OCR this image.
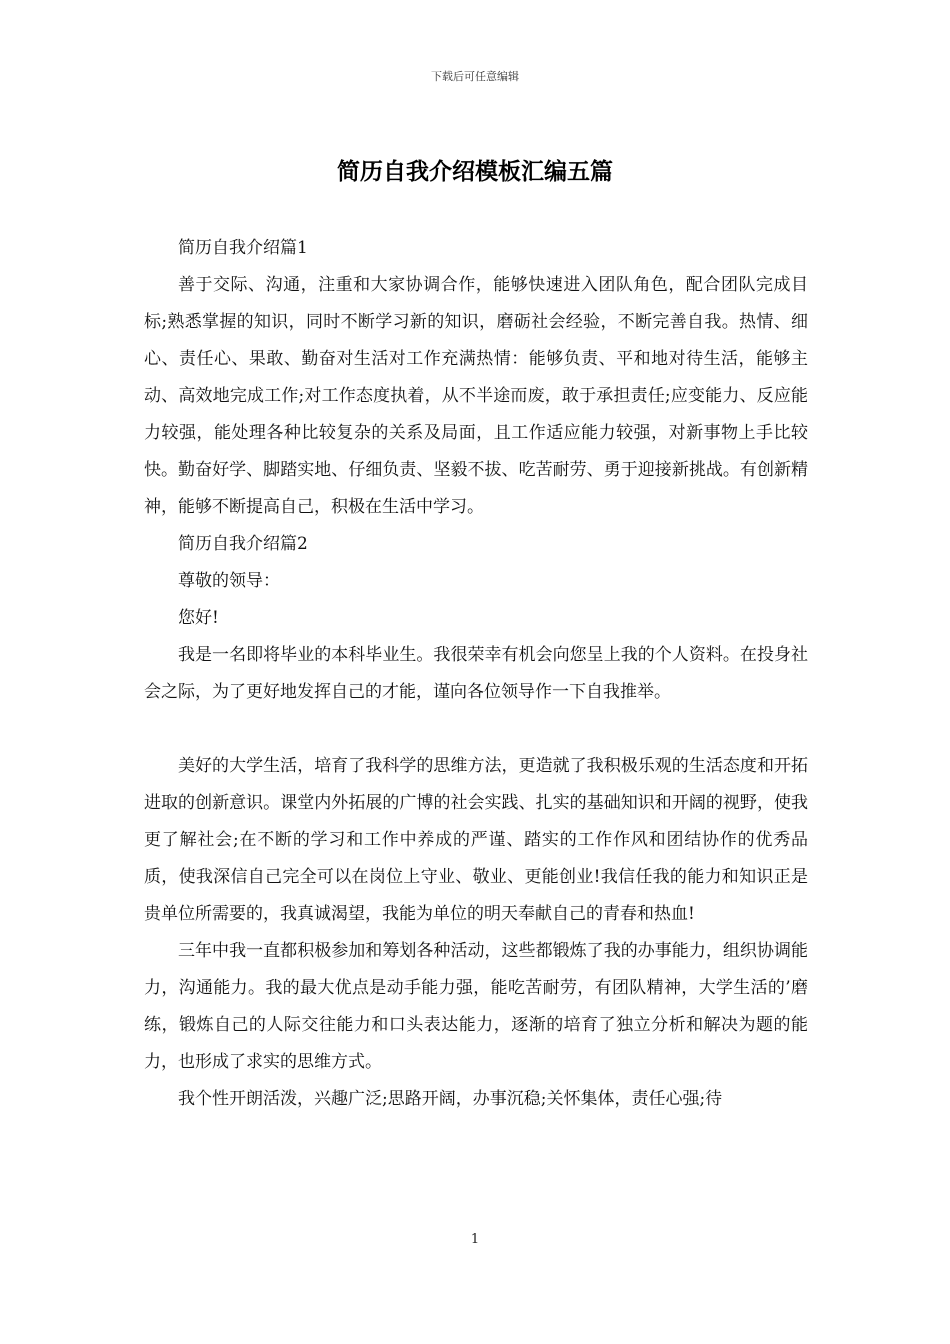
下载后可任意编辑
简历自我介绍模板汇编五篇

简历自我介绍篇1

善于交际、沟通，注重和大家协调合作，能够快速进入团队角色，配合团队完成目标;熟悉掌握的知识，同时不断学习新的知识，磨砺社会经验，不断完善自我。热情、细心、责任心、果敢、勤奋对生活对工作充满热情：能够负责、平和地对待生活，能够主动、高效地完成工作;对工作态度执着，从不半途而废，敢于承担责任;应变能力、反应能力较强，能处理各种比较复杂的关系及局面，且工作适应能力较强，对新事物上手比较快。勤奋好学、脚踏实地、仔细负责、坚毅不拔、吃苦耐劳、勇于迎接新挑战。有创新精神，能够不断提高自己，积极在生活中学习。

简历自我介绍篇2

尊敬的领导：

您好!

我是一名即将毕业的本科毕业生。我很荣幸有机会向您呈上我的个人资料。在投身社会之际，为了更好地发挥自己的才能，谨向各位领导作一下自我推举。

美好的大学生活，培育了我科学的思维方法，更造就了我积极乐观的生活态度和开拓进取的创新意识。课堂内外拓展的广博的社会实践、扎实的基础知识和开阔的视野，使我更了解社会;在不断的学习和工作中养成的严谨、踏实的工作作风和团结协作的优秀品质，使我深信自己完全可以在岗位上守业、敬业、更能创业!我信任我的能力和知识正是贵单位所需要的，我真诚渴望，我能为单位的明天奉献自己的青春和热血!

三年中我一直都积极参加和筹划各种活动，这些都锻炼了我的办事能力，组织协调能力，沟通能力。我的最大优点是动手能力强，能吃苦耐劳，有团队精神，大学生活的’磨练，锻炼自己的人际交往能力和口头表达能力，逐渐的培育了独立分析和解决为题的能力，也形成了求实的思维方式。

我个性开朗活泼，兴趣广泛;思路开阔，办事沉稳;关怀集体，责任心强;待

1
